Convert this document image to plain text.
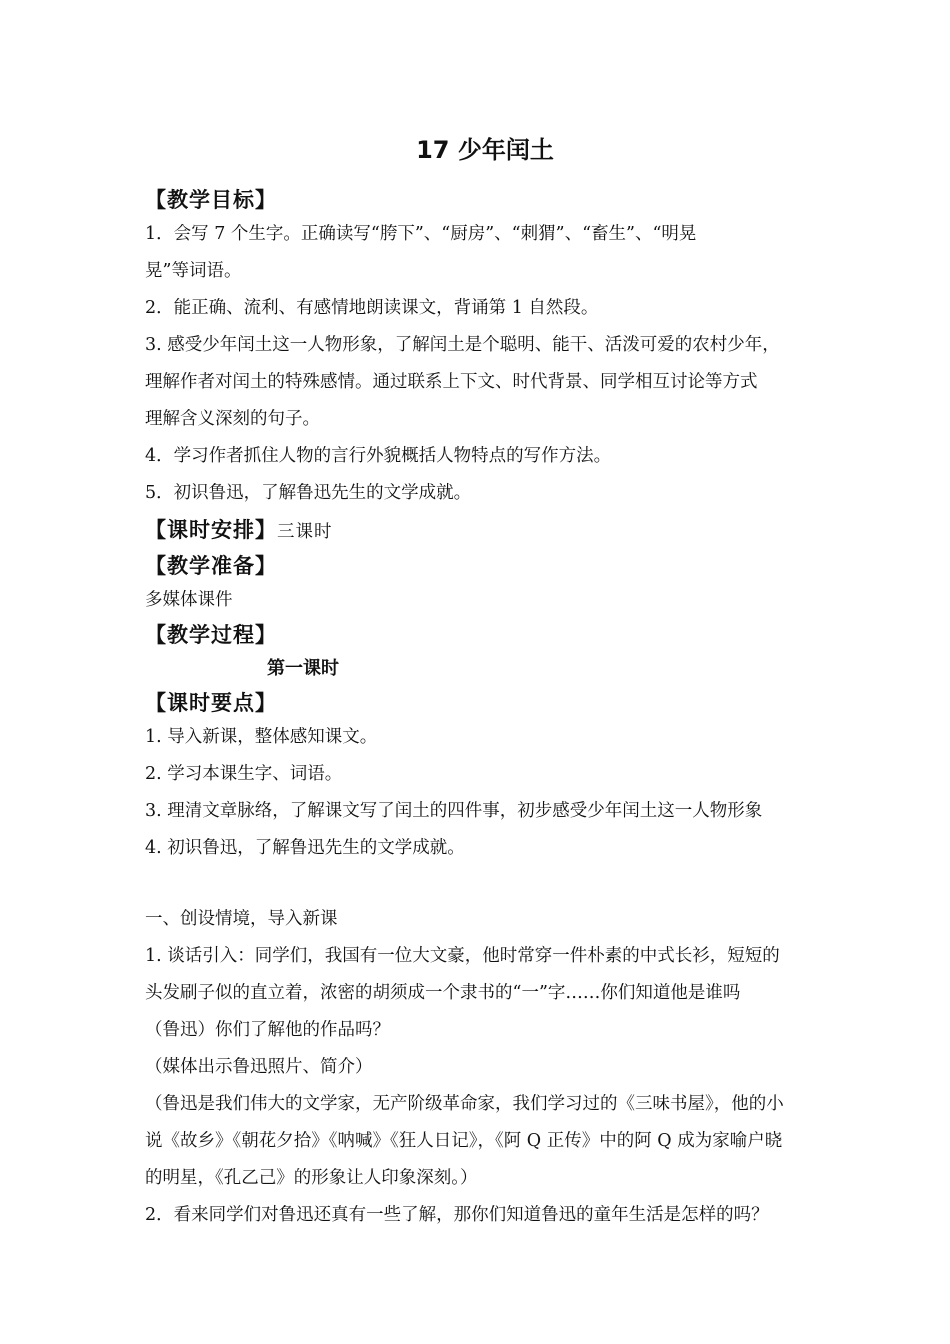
17 少年闰土
【教学目标】

1．会写 7 个生字。正确读写“胯下”、“厨房”、“刺猬”、“畜生”、“明晃
晃”等词语。

2．能正确、流利、有感情地朗读课文，背诵第 1 自然段。

3. 感受少年闰土这一人物形象，了解闰土是个聪明、能干、活泼可爱的农村少年，
理解作者对闰土的特殊感情。通过联系上下文、时代背景、同学相互讨论等方式
理解含义深刻的句子。

4．学习作者抓住人物的言行外貌概括人物特点的写作方法。

5．初识鲁迅，了解鲁迅先生的文学成就。

【课时安排】三课时
【教学准备】

多媒体课件

【教学过程】
第一课时
【课时要点】

1. 导入新课，整体感知课文。

2. 学习本课生字、词语。

3. 理清文章脉络，了解课文写了闰土的四件事，初步感受少年闰土这一人物形象

4. 初识鲁迅，了解鲁迅先生的文学成就。

一、创设情境，导入新课

1. 谈话引入：同学们，我国有一位大文豪，他时常穿一件朴素的中式长衫，短短的
头发刷子似的直立着，浓密的胡须成一个隶书的“一”字……你们知道他是谁吗
（鲁迅）你们了解他的作品吗？

（媒体出示鲁迅照片、简介）

（鲁迅是我们伟大的文学家，无产阶级革命家，我们学习过的《三味书屋》，他的小
说《故乡》《朝花夕拾》《呐喊》《狂人日记》，《阿 Q 正传》中的阿 Q 成为家喻户晓
的明星，《孔乙己》的形象让人印象深刻。）

2．看来同学们对鲁迅还真有一些了解，那你们知道鲁迅的童年生活是怎样的吗？
